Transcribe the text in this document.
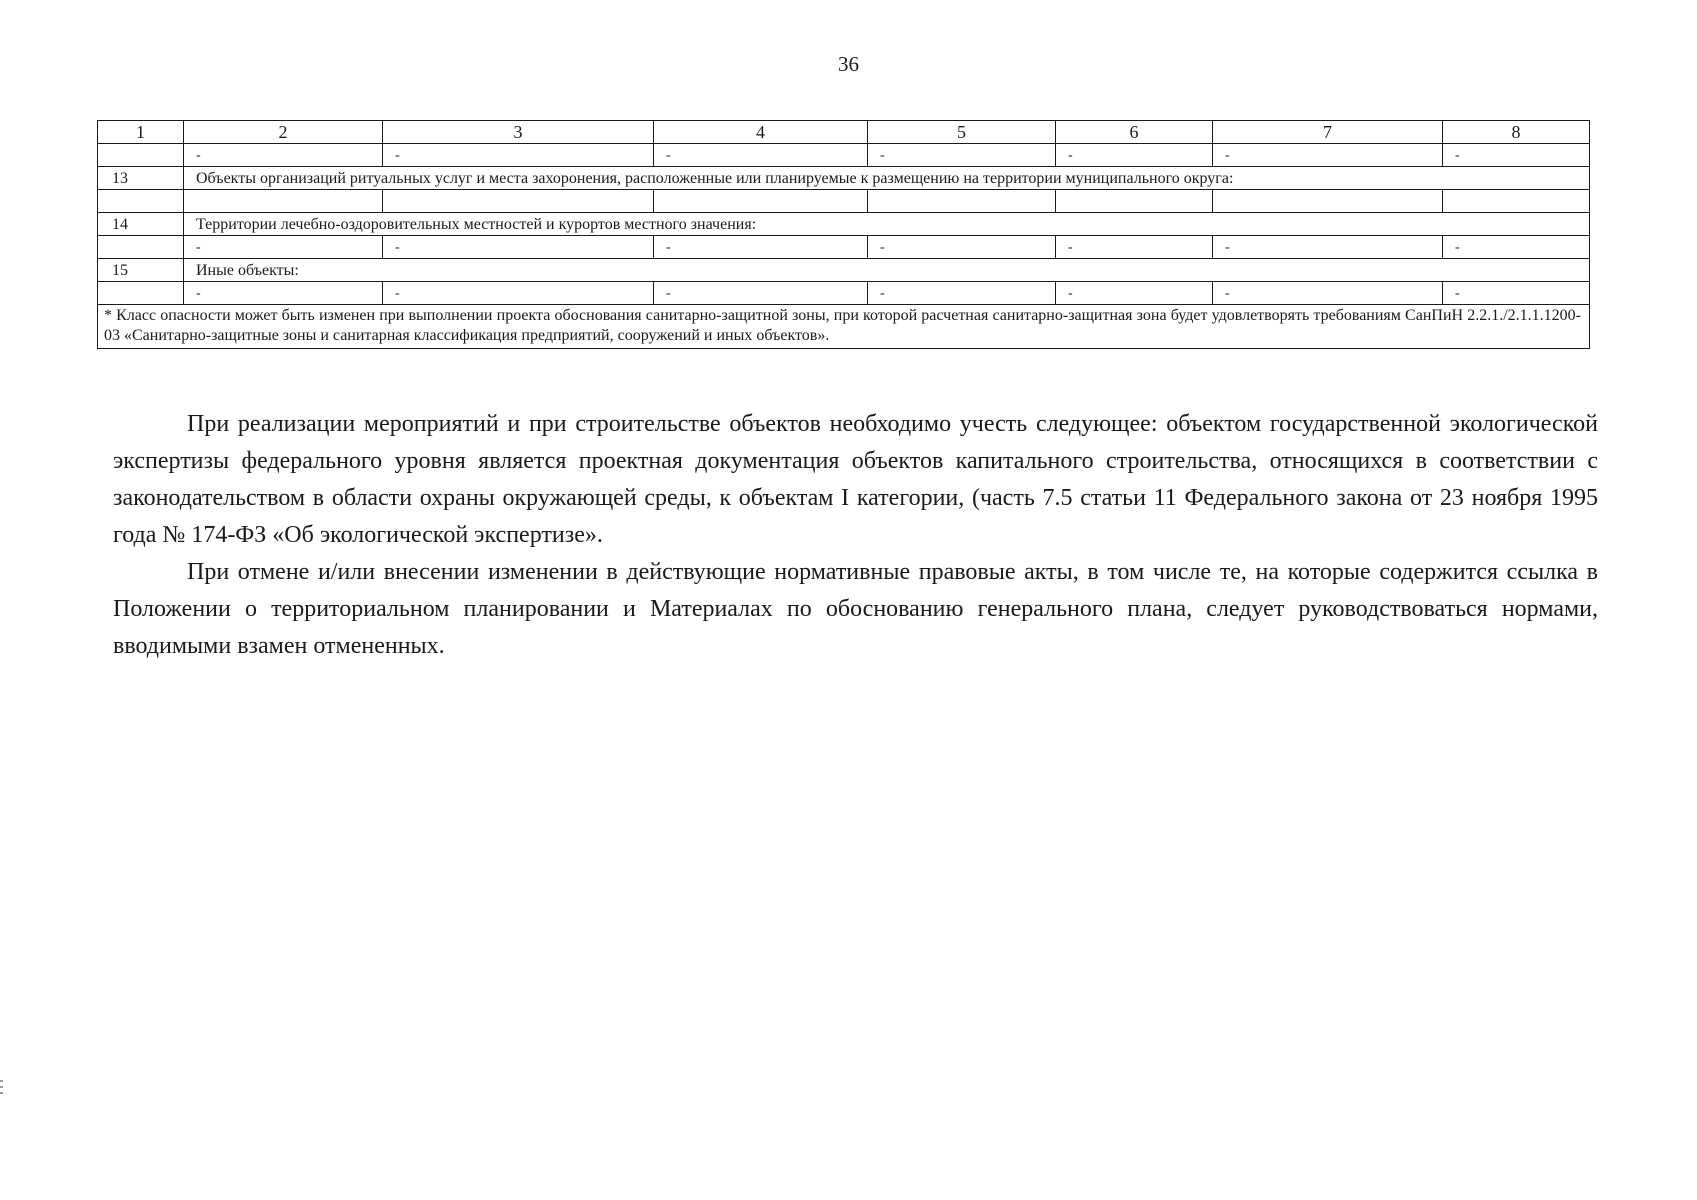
36
1	2	3	4	5	6	7	8
	-	-	-	-	-	-	-
13	Объекты организаций ритуальных услуг и места захоронения, расположенные или планируемые к размещению на территории муниципального округа:						

14	Территории лечебно-оздоровительных местностей и курортов местного значения:						
	-	-	-	-	-	-	-
15	Иные объекты:						
	-	-	-	-	-	-	-
* Класс опасности может быть изменен при выполнении проекта обоснования санитарно-защитной зоны, при которой расчетная санитарно-защитная зона будет удовлетворять требованиям СанПиН 2.2.1./2.1.1.1200-03 «Санитарно-защитные зоны и санитарная классификация предприятий, сооружений и иных объектов».							

При реализации мероприятий и при строительстве объектов необходимо учесть следующее: объектом государственной экологической экспертизы федерального уровня является проектная документация объектов капитального строительства, относящихся в соответствии с законодательством в области охраны окружающей среды, к объектам I категории, (часть 7.5 статьи 11 Федерального закона от 23 ноября 1995 года № 174-ФЗ «Об экологической экспертизе».

При отмене и/или внесении изменении в действующие нормативные правовые акты, в том числе те, на которые содержится ссылка в Положении о территориальном планировании и Материалах по обоснованию генерального плана, следует руководствоваться нормами, вводимыми взамен отмененных.
